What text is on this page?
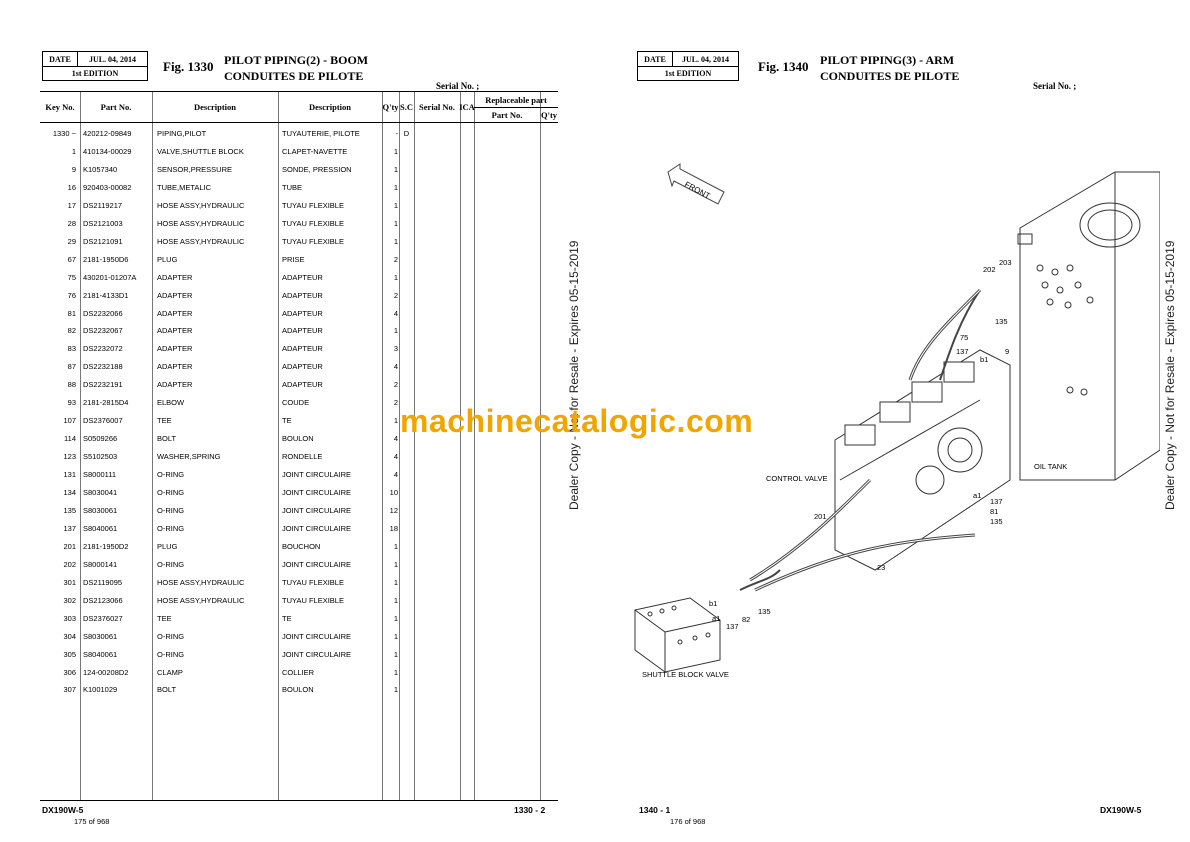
DATE	JUL. 04, 2014
1st EDITION	Fig. 1330 PILOT PIPING(2) - BOOM
CONDUITES DE PILOTE
Serial No. ;
Key No.	Part No.	Description	Description	Q'ty S.C Serial No. ICA
Replaceable part
Part No.	Q'ty
1330 ~ 420212-09849	PIPING,PILOT	TUYAUTERIE, PILOTE	- D
1 410134-00029	VALVE,SHUTTLE BLOCK	CLAPET-NAVETTE	1
9 K1057340	SENSOR,PRESSURE	SONDE, PRESSION	1
16 920403-00082	TUBE,METALIC	TUBE	1
17 DS2119217	HOSE ASSY,HYDRAULIC	TUYAU FLEXIBLE	1
28 DS2121003	HOSE ASSY,HYDRAULIC	TUYAU FLEXIBLE	1
29 DS2121091	HOSE ASSY,HYDRAULIC	TUYAU FLEXIBLE	1
67 2181-1950D6	PLUG	PRISE	2
75 430201-01207A	ADAPTER	ADAPTEUR	1
76 2181-4133D1	ADAPTER	ADAPTEUR	2
81 DS2232066	ADAPTER	ADAPTEUR	4
82 DS2232067	ADAPTER	ADAPTEUR	1
83 DS2232072	ADAPTER	ADAPTEUR	3
87 DS2232188	ADAPTER	ADAPTEUR	4
88 DS2232191	ADAPTER	ADAPTEUR	2
93 2181-2815D4	ELBOW	COUDE	2
107 DS2376007	TEE	TE	1
114 S0509266	BOLT	BOULON	4
123 S5102503	WASHER,SPRING	RONDELLE	4
131 S8000111	O-RING	JOINT CIRCULAIRE	4
134 S8030041	O-RING	JOINT CIRCULAIRE	10
135 S8030061	O-RING	JOINT CIRCULAIRE	12
137 S8040061	O-RING	JOINT CIRCULAIRE	18
201 2181-1950D2	PLUG	BOUCHON	1
202 S8000141	O-RING	JOINT CIRCULAIRE	1
301 DS2119095	HOSE ASSY,HYDRAULIC	TUYAU FLEXIBLE	1
302 DS2123066	HOSE ASSY,HYDRAULIC	TUYAU FLEXIBLE	1
303 DS2376027	TEE	TE	1
304 S8030061	O-RING	JOINT CIRCULAIRE	1
305 S8040061	O-RING	JOINT CIRCULAIRE	1
306 124-00208D2	CLAMP	COLLIER	1
307 K1001029	BOLT	BOULON	1
DX190W-5	1330 - 2
175 of 968
DATE	JUL. 04, 2014
1st EDITION	Fig. 1340 PILOT PIPING(3) - ARM
CONDUITES DE PILOTE
Serial No. ;
FRONT
OIL TANK
CONTROL VALVE
SHUTTLE BLOCK VALVE
202
203
135
75
137
b1
9
a1
137
81
135
201
23
b1
a1	82
135
137
1340 - 1	DX190W-5
176 of 968
Dealer Copy - Not for Resale - Expires 05-15-2019	Dealer Copy - Not for Resale - Expires 05-15-2019
machinecatalogic.com
